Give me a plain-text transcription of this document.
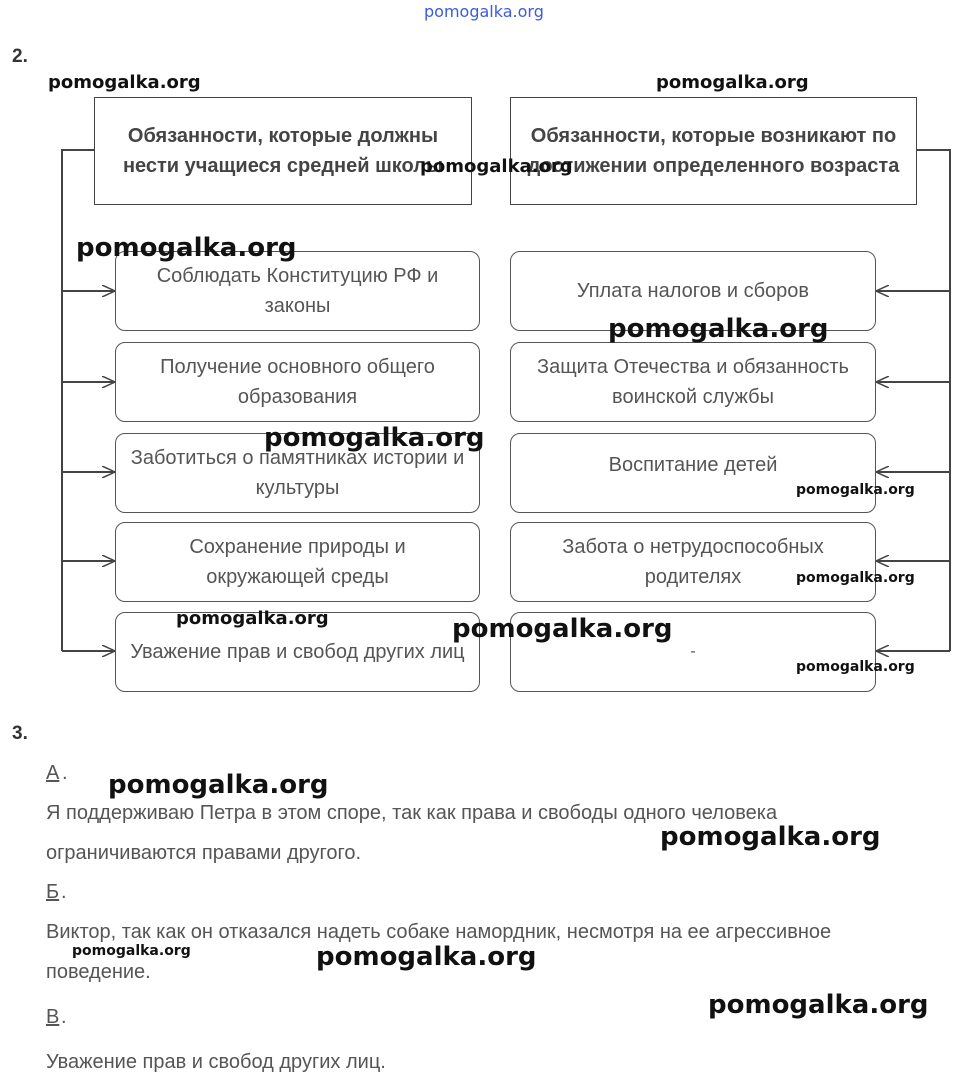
pomogalka.org
2.
Обязанности, которые должны нести учащиеся средней школы
Обязанности, которые возникают по достижении определенного возраста
Соблюдать Конституцию РФ и законы
Получение основного общего образования
Заботиться о памятниках истории и культуры
Сохранение природы и окружающей среды
Уважение прав и свобод других лиц
Уплата налогов и сборов
Защита Отечества и обязанность воинской службы
Воспитание детей
Забота о нетрудоспособных родителях
-
3.
А .
Я поддерживаю Петра в этом споре, так как права и свободы одного человека ограничиваются правами другого.
Б .
Виктор, так как он отказался надеть собаке намордник, несмотря на ее агрессивное поведение.
В .
Уважение прав и свобод других лиц.
pomogalka.org	pomogalka.org
pomogalka.org
pomogalka.org
pomogalka.org
pomogalka.org
pomogalka.org
pomogalka.org
pomogalka.org	pomogalka.org
pomogalka.org
pomogalka.org
pomogalka.org
pomogalka.org	pomogalka.org
pomogalka.org
